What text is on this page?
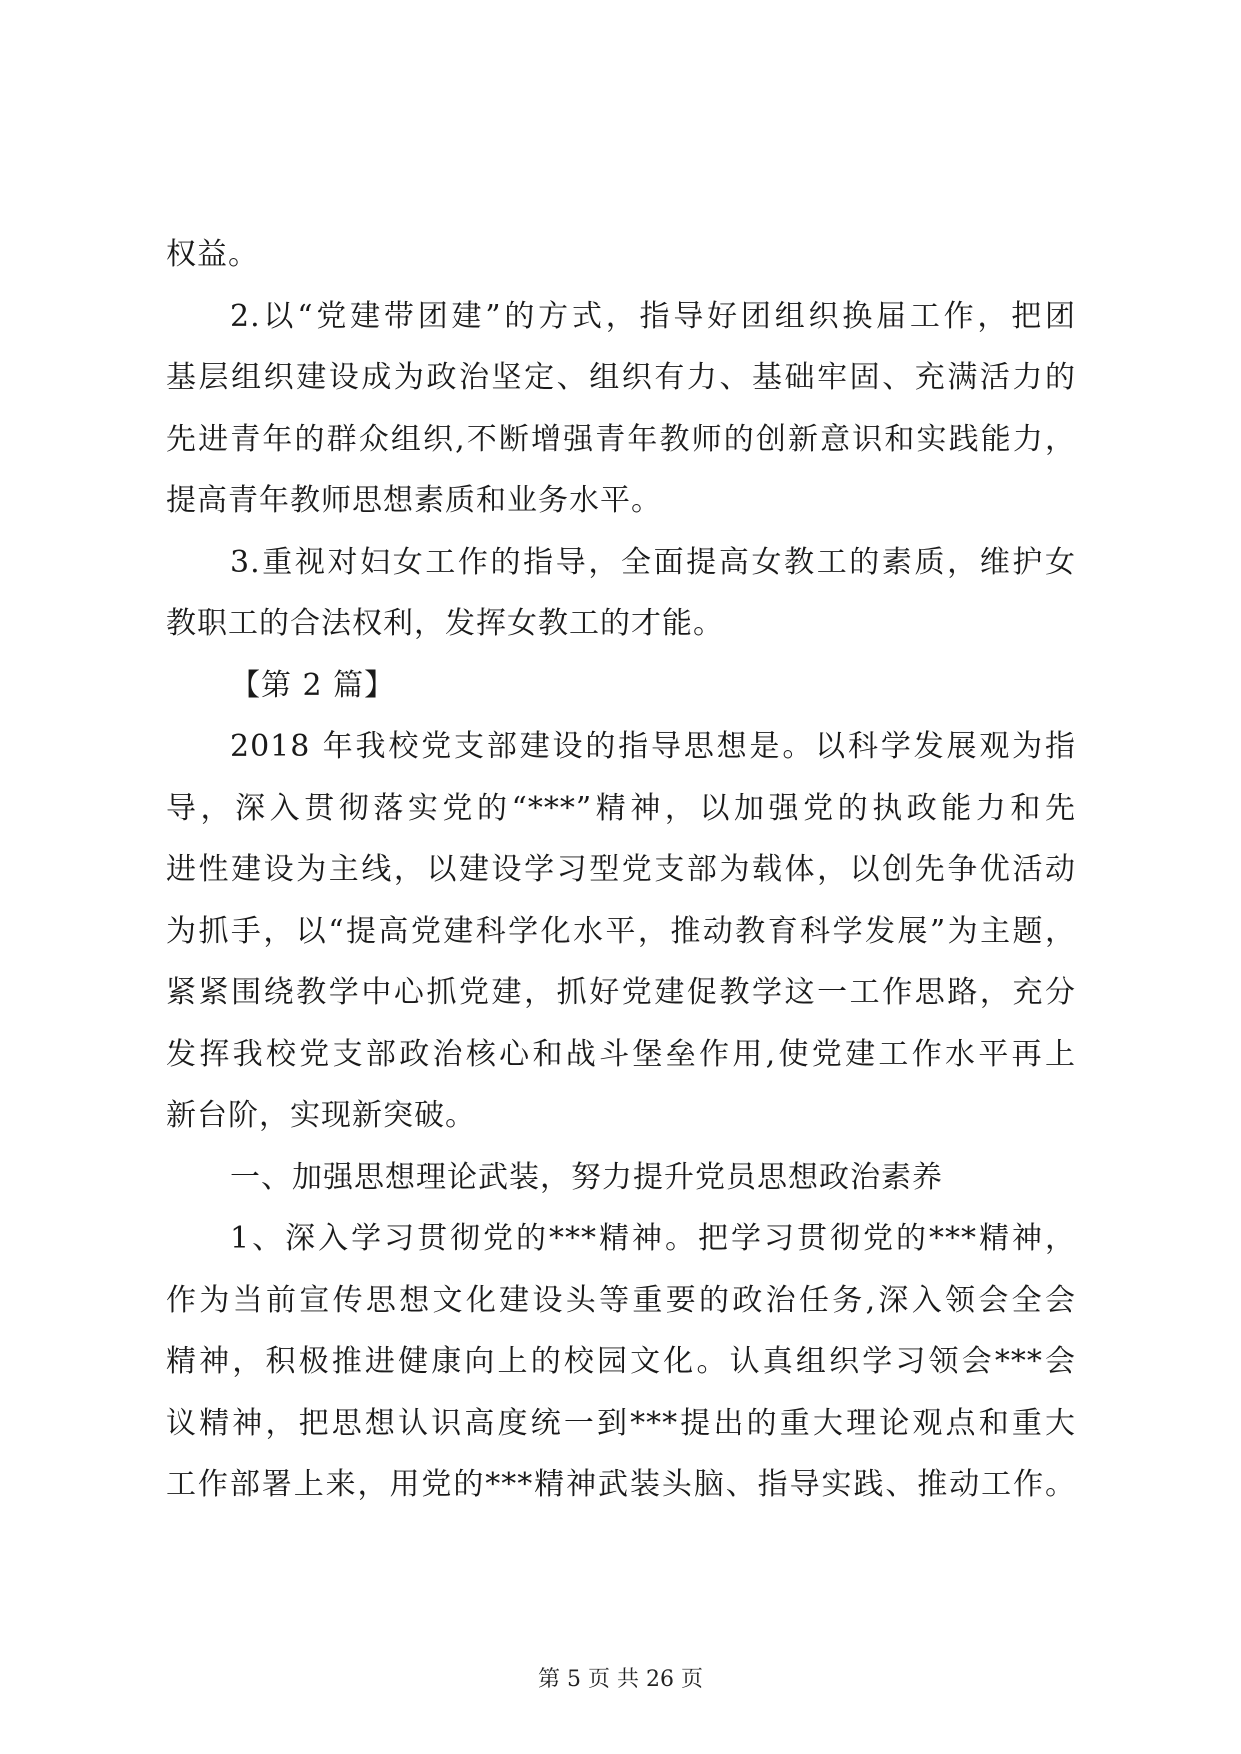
权益。
2.以“党建带团建”的方式，指导好团组织换届工作，把团
基层组织建设成为政治坚定、组织有力、基础牢固、充满活力的
先进青年的群众组织,不断增强青年教师的创新意识和实践能力，
提高青年教师思想素质和业务水平。
3.重视对妇女工作的指导，全面提高女教工的素质，维护女
教职工的合法权利，发挥女教工的才能。
【第 2 篇】
2018 年我校党支部建设的指导思想是。以科学发展观为指
导，深入贯彻落实党的“***”精神，以加强党的执政能力和先
进性建设为主线，以建设学习型党支部为载体，以创先争优活动
为抓手，以“提高党建科学化水平，推动教育科学发展”为主题，
紧紧围绕教学中心抓党建，抓好党建促教学这一工作思路，充分
发挥我校党支部政治核心和战斗堡垒作用,使党建工作水平再上
新台阶，实现新突破。
一、加强思想理论武装，努力提升党员思想政治素养
1、深入学习贯彻党的***精神。把学习贯彻党的***精神，
作为当前宣传思想文化建设头等重要的政治任务,深入领会全会
精神，积极推进健康向上的校园文化。认真组织学习领会***会
议精神，把思想认识高度统一到***提出的重大理论观点和重大
工作部署上来，用党的***精神武装头脑、指导实践、推动工作。
第 5 页 共 26 页
